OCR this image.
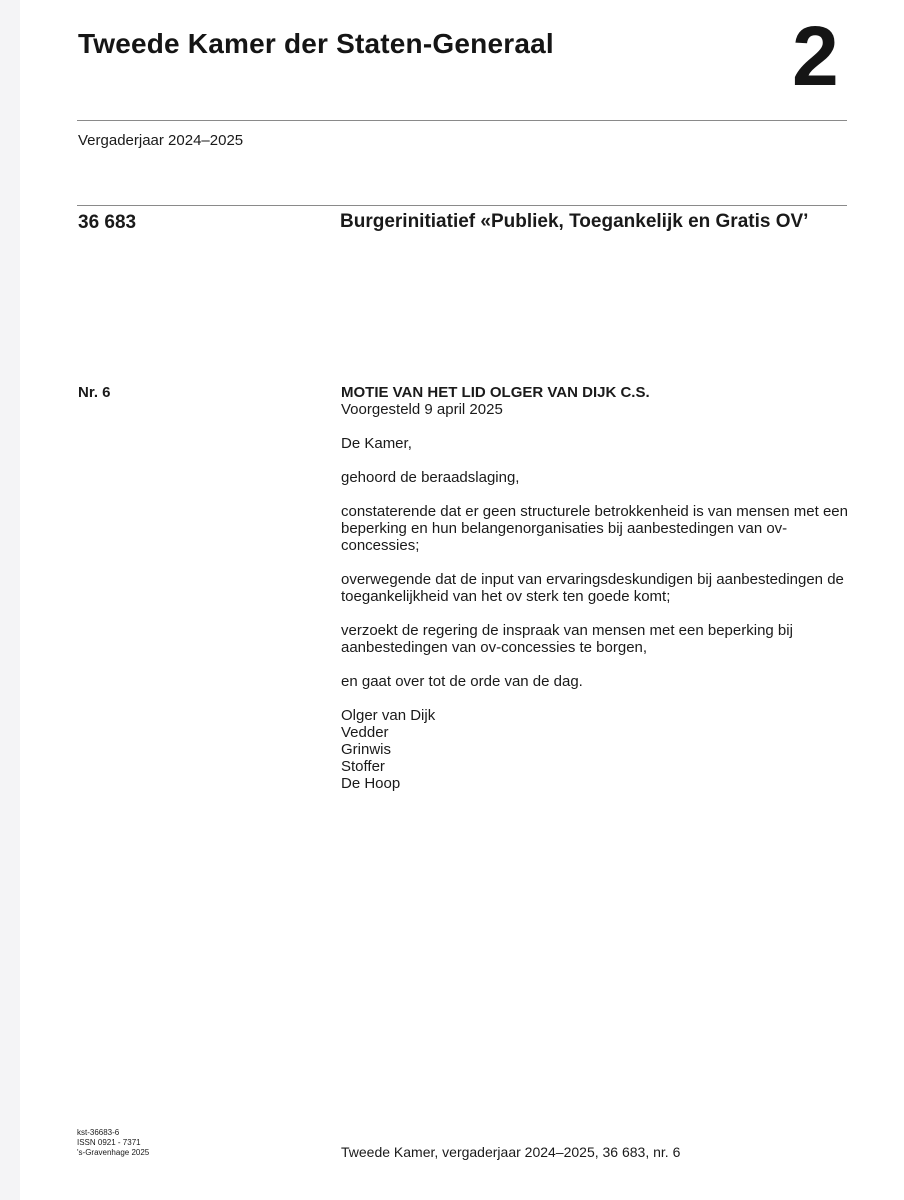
Tweede Kamer der Staten-Generaal	2
Vergaderjaar 2024–2025
36 683	Burgerinitiatief «Publiek, Toegankelijk en Gratis OV’
Nr. 6	MOTIE VAN HET LID OLGER VAN DIJK C.S.

Voorgesteld 9 april 2025

De Kamer,

gehoord de beraadslaging,

constaterende dat er geen structurele betrokkenheid is van mensen met een beperking en hun belangenorganisaties bij aanbestedingen van ov-concessies;

overwegende dat de input van ervaringsdeskundigen bij aanbestedingen de toegankelijkheid van het ov sterk ten goede komt;

verzoekt de regering de inspraak van mensen met een beperking bij aanbestedingen van ov-concessies te borgen,

en gaat over tot de orde van de dag.

Olger van Dijk
Vedder
Grinwis
Stoffer
De Hoop
kst-36683-6
ISSN 0921 - 7371
's-Gravenhage 2025	Tweede Kamer, vergaderjaar 2024–2025, 36 683, nr. 6
